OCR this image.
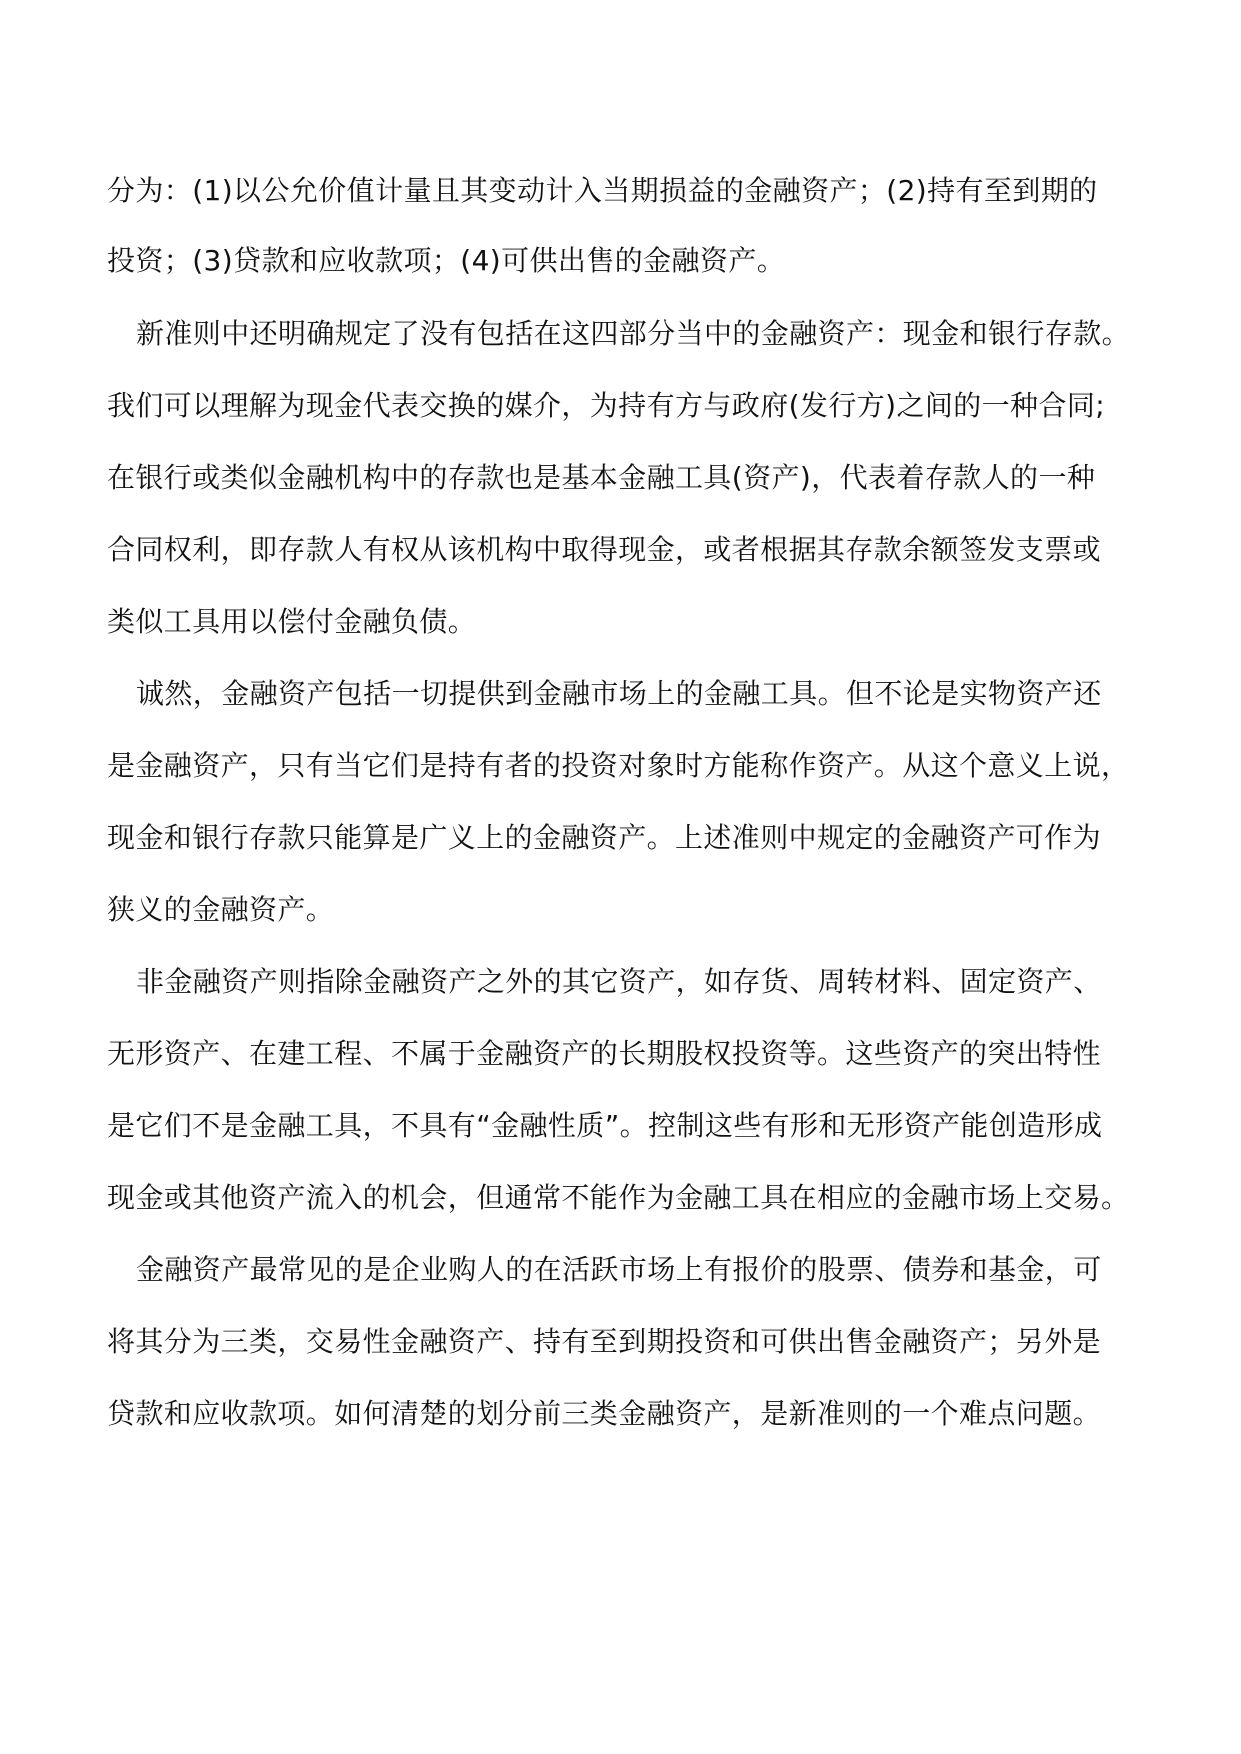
分为：(1)以公允价值计量且其变动计入当期损益的金融资产；(2)持有至到期的
投资；(3)贷款和应收款项；(4)可供出售的金融资产。
新准则中还明确规定了没有包括在这四部分当中的金融资产：现金和银行存款。
我们可以理解为现金代表交换的媒介，为持有方与政府(发行方)之间的一种合同;
在银行或类似金融机构中的存款也是基本金融工具(资产)，代表着存款人的一种
合同权利，即存款人有权从该机构中取得现金，或者根据其存款余额签发支票或
类似工具用以偿付金融负债。
诚然，金融资产包括一切提供到金融市场上的金融工具。但不论是实物资产还
是金融资产，只有当它们是持有者的投资对象时方能称作资产。从这个意义上说，
现金和银行存款只能算是广义上的金融资产。上述准则中规定的金融资产可作为
狭义的金融资产。
非金融资产则指除金融资产之外的其它资产，如存货、周转材料、固定资产、
无形资产、在建工程、不属于金融资产的长期股权投资等。这些资产的突出特性
是它们不是金融工具，不具有“金融性质”。控制这些有形和无形资产能创造形成
现金或其他资产流入的机会，但通常不能作为金融工具在相应的金融市场上交易。
金融资产最常见的是企业购人的在活跃市场上有报价的股票、债券和基金，可
将其分为三类，交易性金融资产、持有至到期投资和可供出售金融资产；另外是
贷款和应收款项。如何清楚的划分前三类金融资产，是新准则的一个难点问题。
